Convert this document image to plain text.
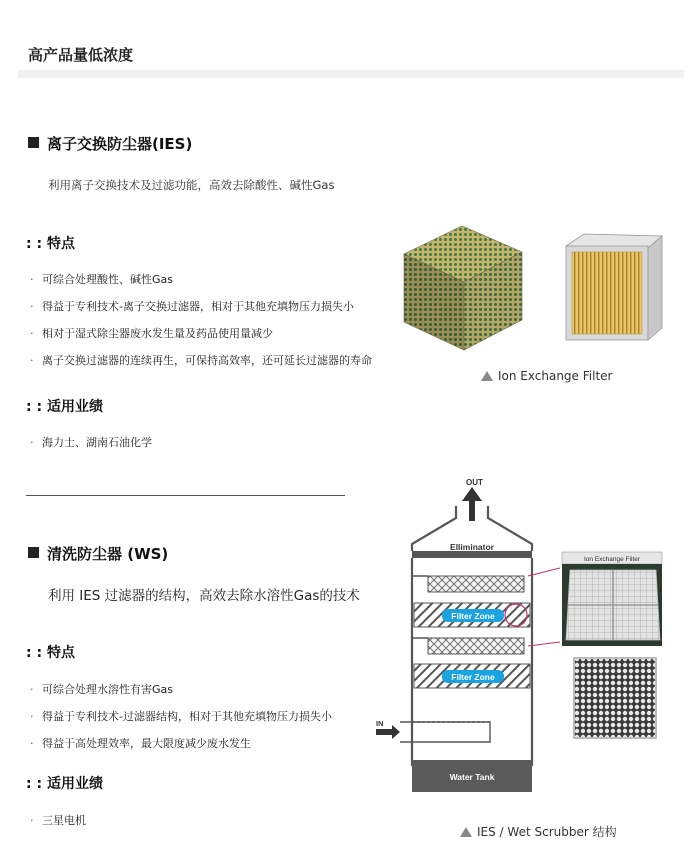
高产品量低浓度
离子交换防尘器(IES)
利用离子交换技术及过滤功能，高效去除酸性、碱性Gas
: : 特点
· 可综合处理酸性、碱性Gas
· 得益于专利技术-离子交换过滤器，相对于其他充填物压力损失小
· 相对于湿式除尘器废水发生量及药品使用量减少
· 离子交换过滤器的连续再生，可保持高效率，还可延长过滤器的寿命
: : 适用业绩
· 海力士、湖南石油化学
Ion Exchange Filter
清洗防尘器 (WS)
利用 IES 过滤器的结构，高效去除水溶性Gas的技术
: : 特点
· 可综合处理水溶性有害Gas
· 得益于专利技术-过滤器结构，相对于其他充填物压力损失小
· 得益于高处理效率，最大限度减少废水发生
: : 适用业绩
· 三星电机
OUT
Elliminator
Filter Zone
Filter Zone
IN
Water Tank
Ion Exchange Filter
IES / Wet Scrubber 结构
